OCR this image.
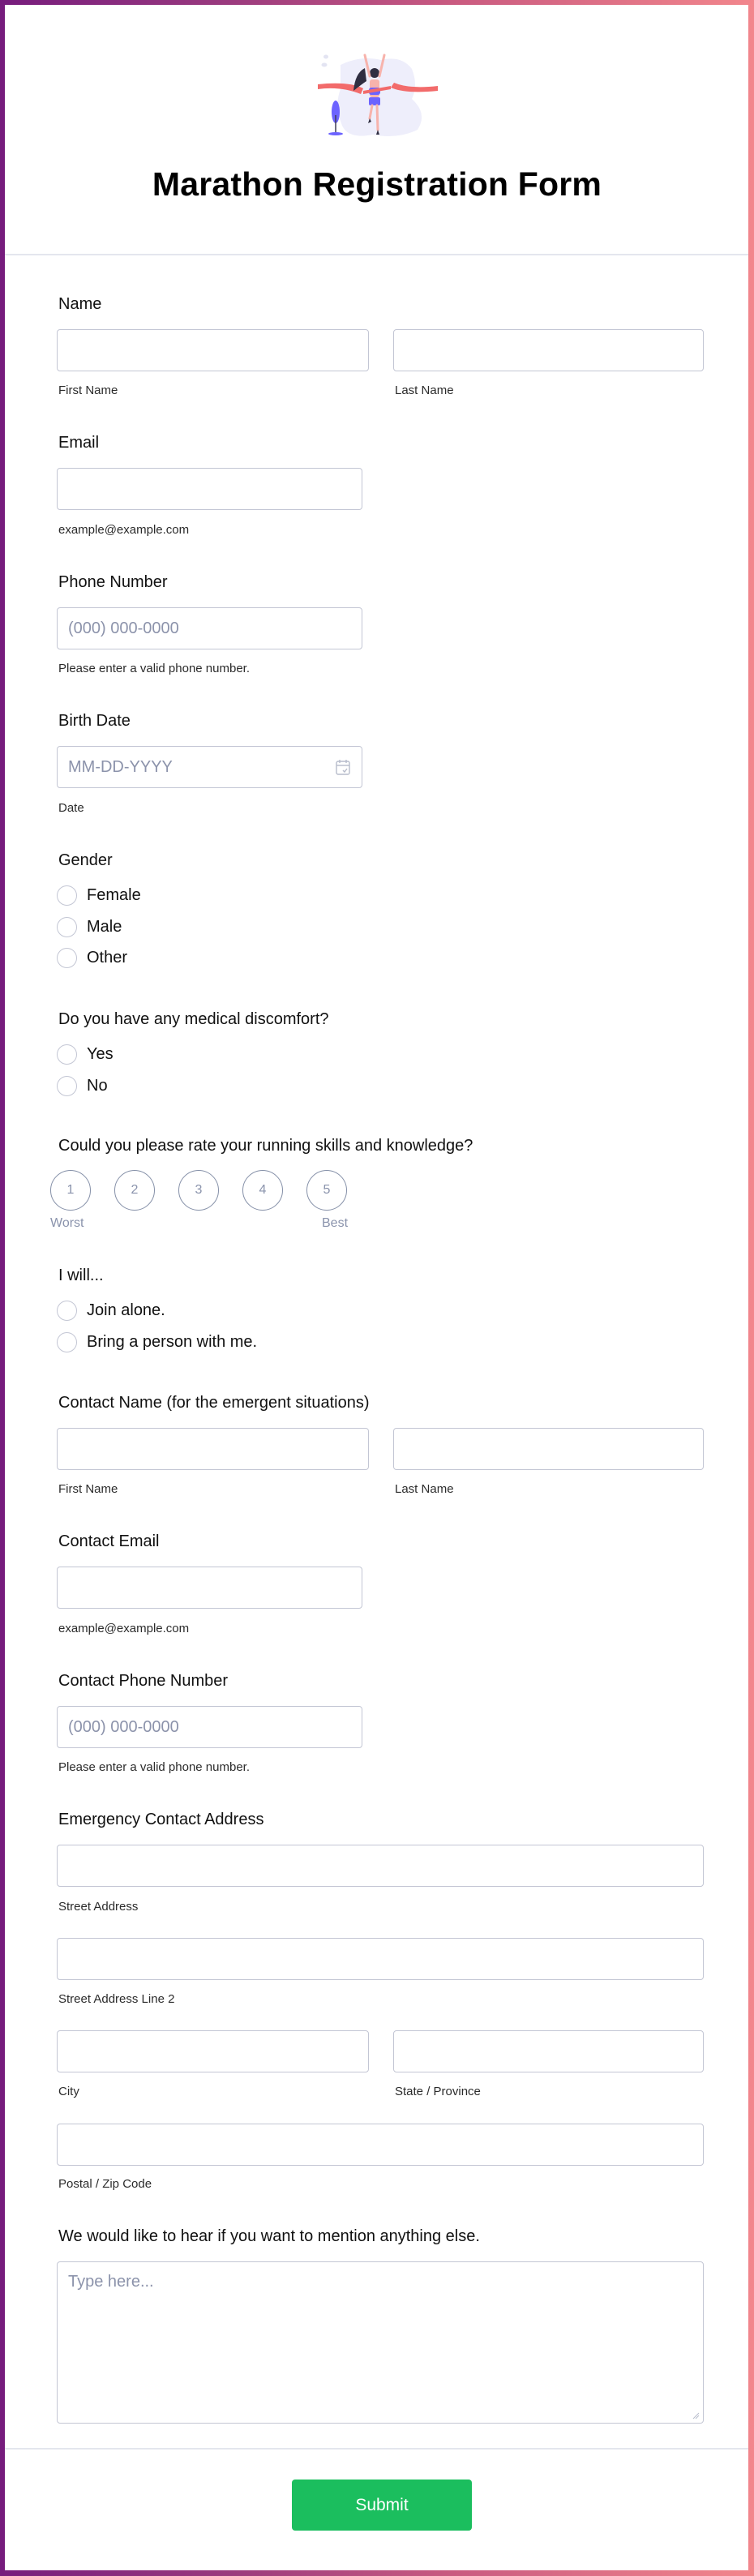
Marathon Registration Form
Name
First Name	Last Name
Email
example@example.com
Phone Number
(000) 000-0000
Please enter a valid phone number.
Birth Date
MM-DD-YYYY
Date
Gender
Female
Male
Other
Do you have any medical discomfort?
Yes
No
Could you please rate your running skills and knowledge?
1	2	3	4	5
Worst	Best
I will...
Join alone.
Bring a person with me.
Contact Name (for the emergent situations)
First Name	Last Name
Contact Email
example@example.com
Contact Phone Number
(000) 000-0000
Please enter a valid phone number.
Emergency Contact Address
Street Address
Street Address Line 2
City	State / Province
Postal / Zip Code
We would like to hear if you want to mention anything else.
Type here...
Submit
